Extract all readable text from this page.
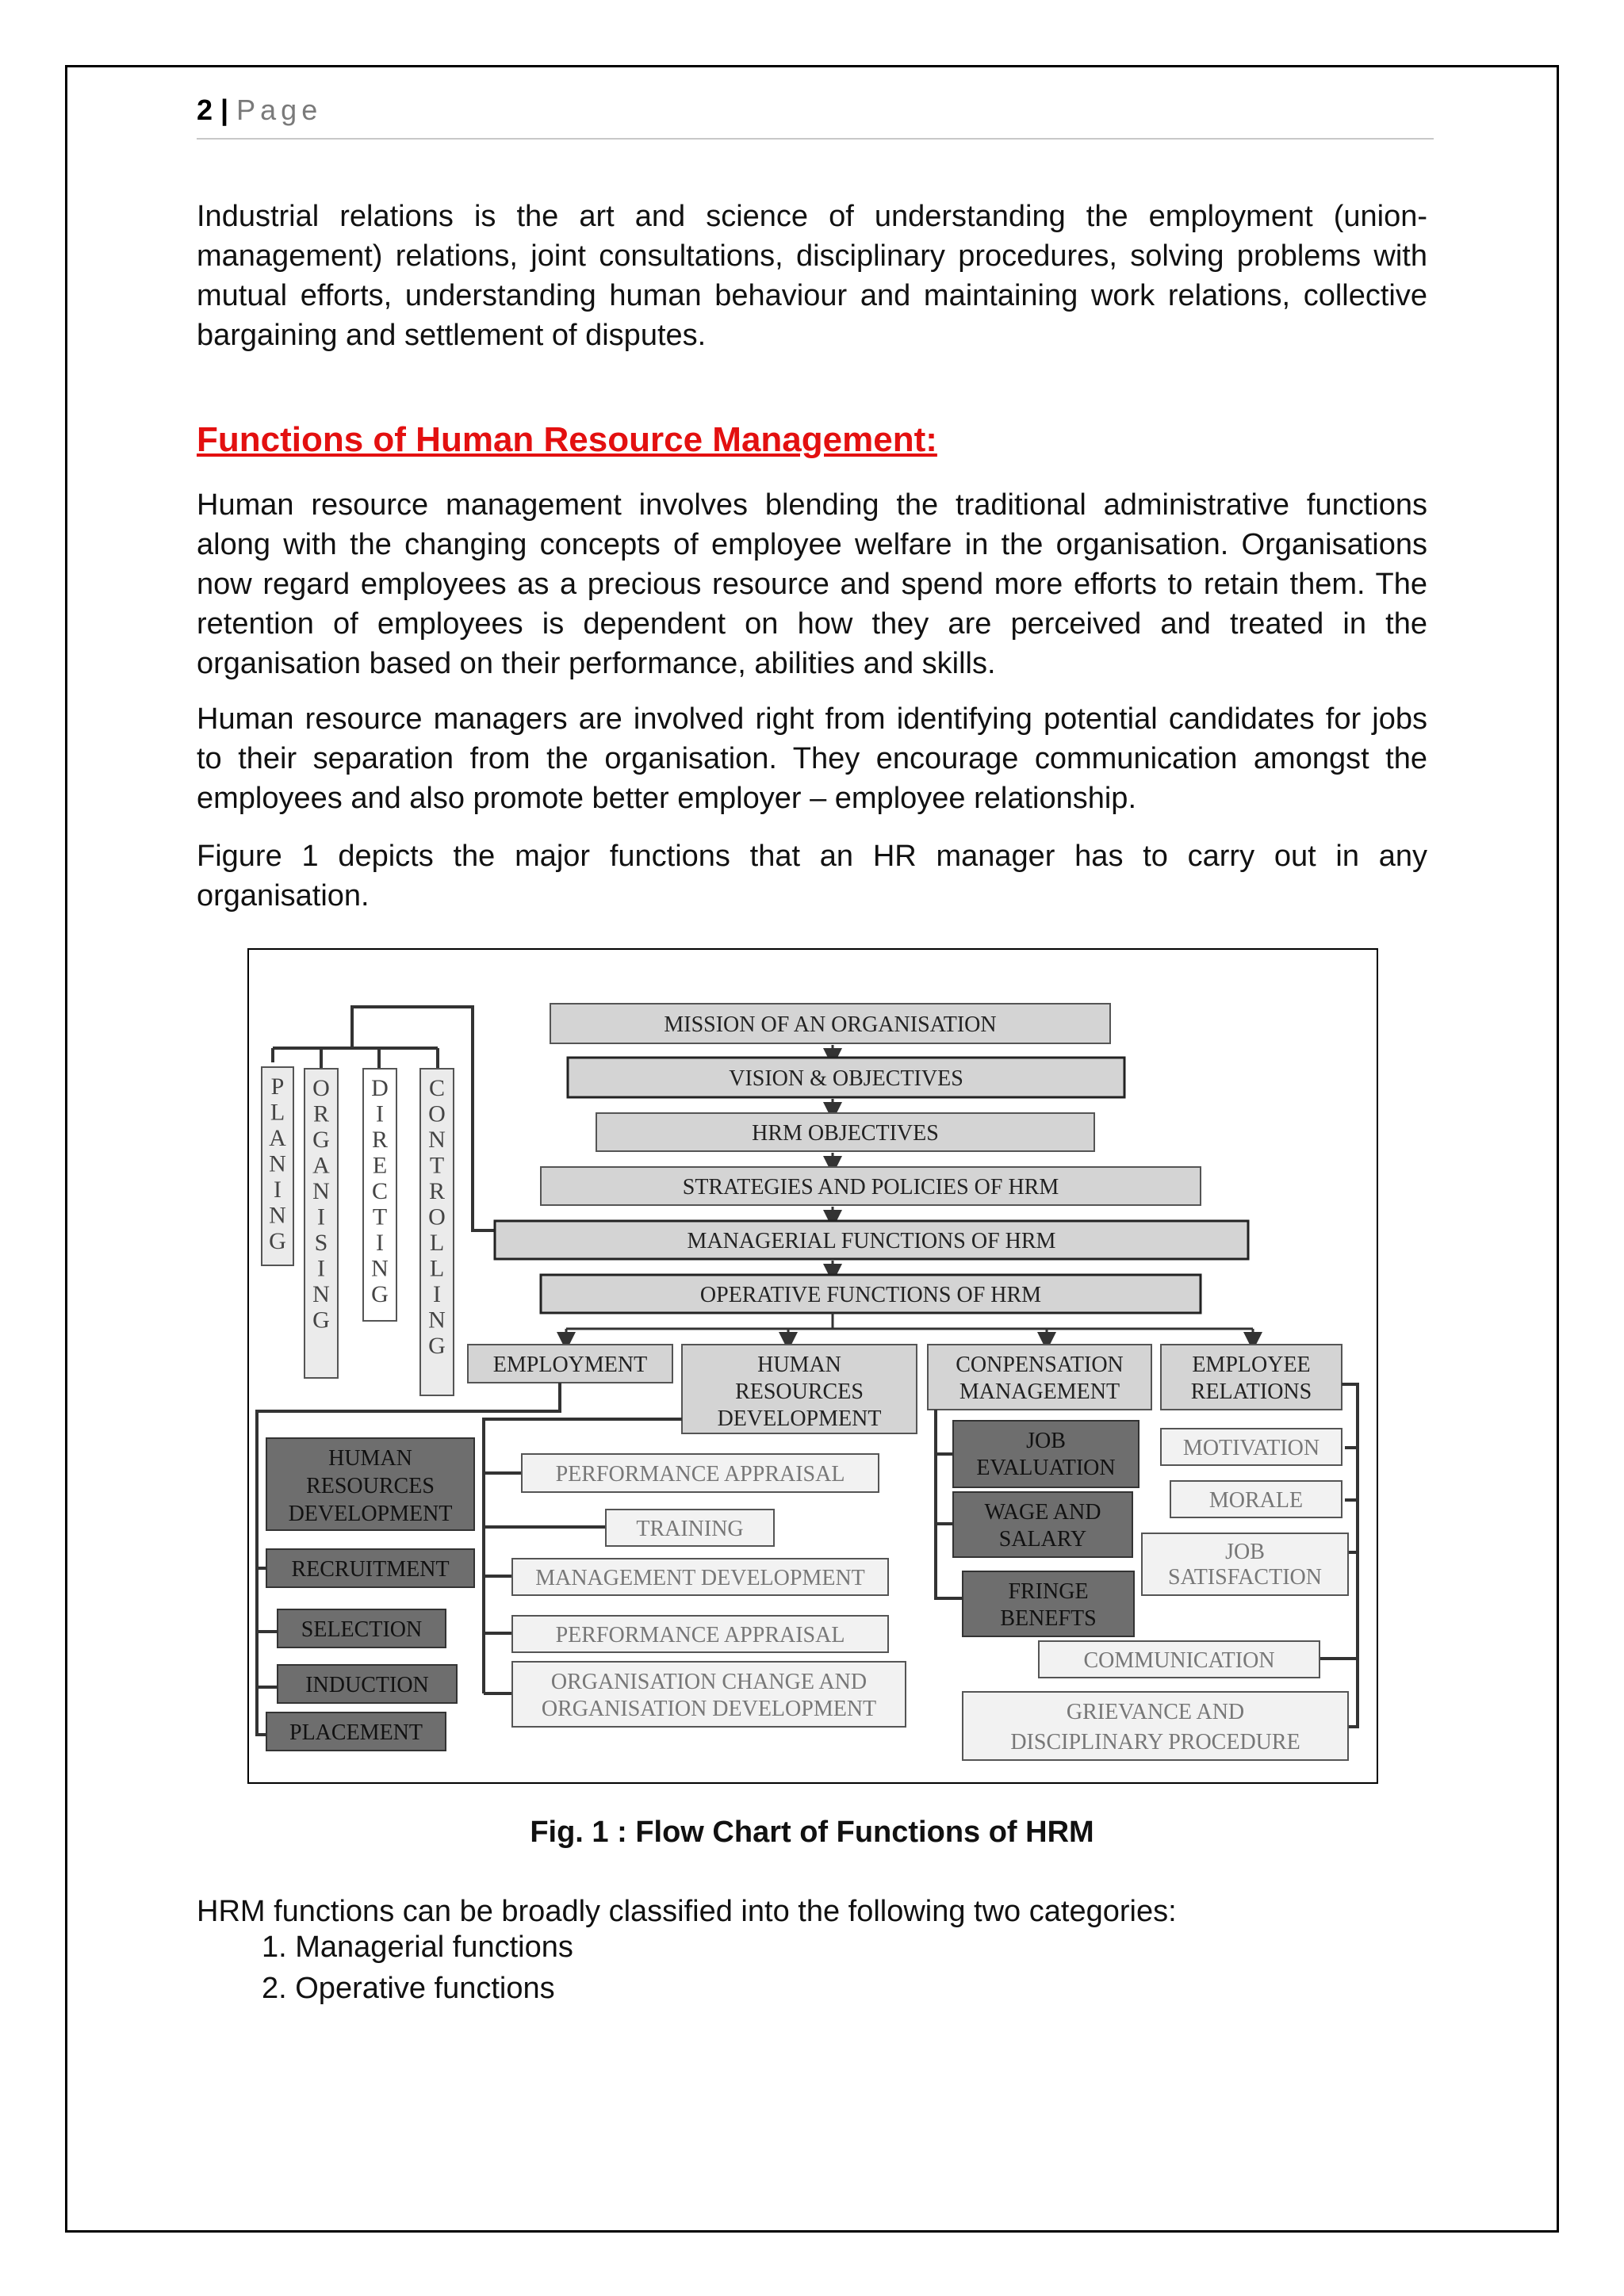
2 | Page

Industrial relations is the art and science of understanding the employment (union-management) relations, joint consultations, disciplinary procedures, solving problems with mutual efforts, understanding human behaviour and maintaining work relations, collective bargaining and settlement of disputes.

Functions of Human Resource Management:

Human resource management involves blending the traditional administrative functions along with the changing concepts of employee welfare in the organisation. Organisations now regard employees as a precious resource and spend more efforts to retain them. The retention of employees is dependent on how they are perceived and treated in the organisation based on their performance, abilities and skills.

Human resource managers are involved right from identifying potential candidates for jobs to their separation from the organisation. They encourage communication amongst the employees and also promote better employer – employee relationship.

Figure 1 depicts the major functions that an HR manager has to carry out in any organisation.

P L A N I N G
O R G A N I S I N G
D I R E C T I N G
C O N T R O L L I N G
MISSION OF AN ORGANISATION
VISION & OBJECTIVES
HRM OBJECTIVES
STRATEGIES AND POLICIES OF HRM
MANAGERIAL FUNCTIONS OF HRM
OPERATIVE FUNCTIONS OF HRM
EMPLOYMENT	HUMAN
RESOURCES
DEVELOPMENT
CONPENSATION
MANAGEMENT
EMPLOYEE
RELATIONS
HUMAN
RESOURCES
DEVELOPMENT
RECRUITMENT
SELECTION
INDUCTION
PLACEMENT
PERFORMANCE APPRAISAL
TRAINING
MANAGEMENT DEVELOPMENT
PERFORMANCE APPRAISAL
ORGANISATION CHANGE AND
ORGANISATION DEVELOPMENT
JOB
EVALUATION
WAGE AND
SALARY
FRINGE
BENEFTS
MOTIVATION
MORALE
JOB
SATISFACTION
COMMUNICATION
GRIEVANCE AND
DISCIPLINARY PROCEDURE

Fig. 1 : Flow Chart of Functions of HRM

HRM functions can be broadly classified into the following two categories:

1. Managerial functions
2. Operative functions
